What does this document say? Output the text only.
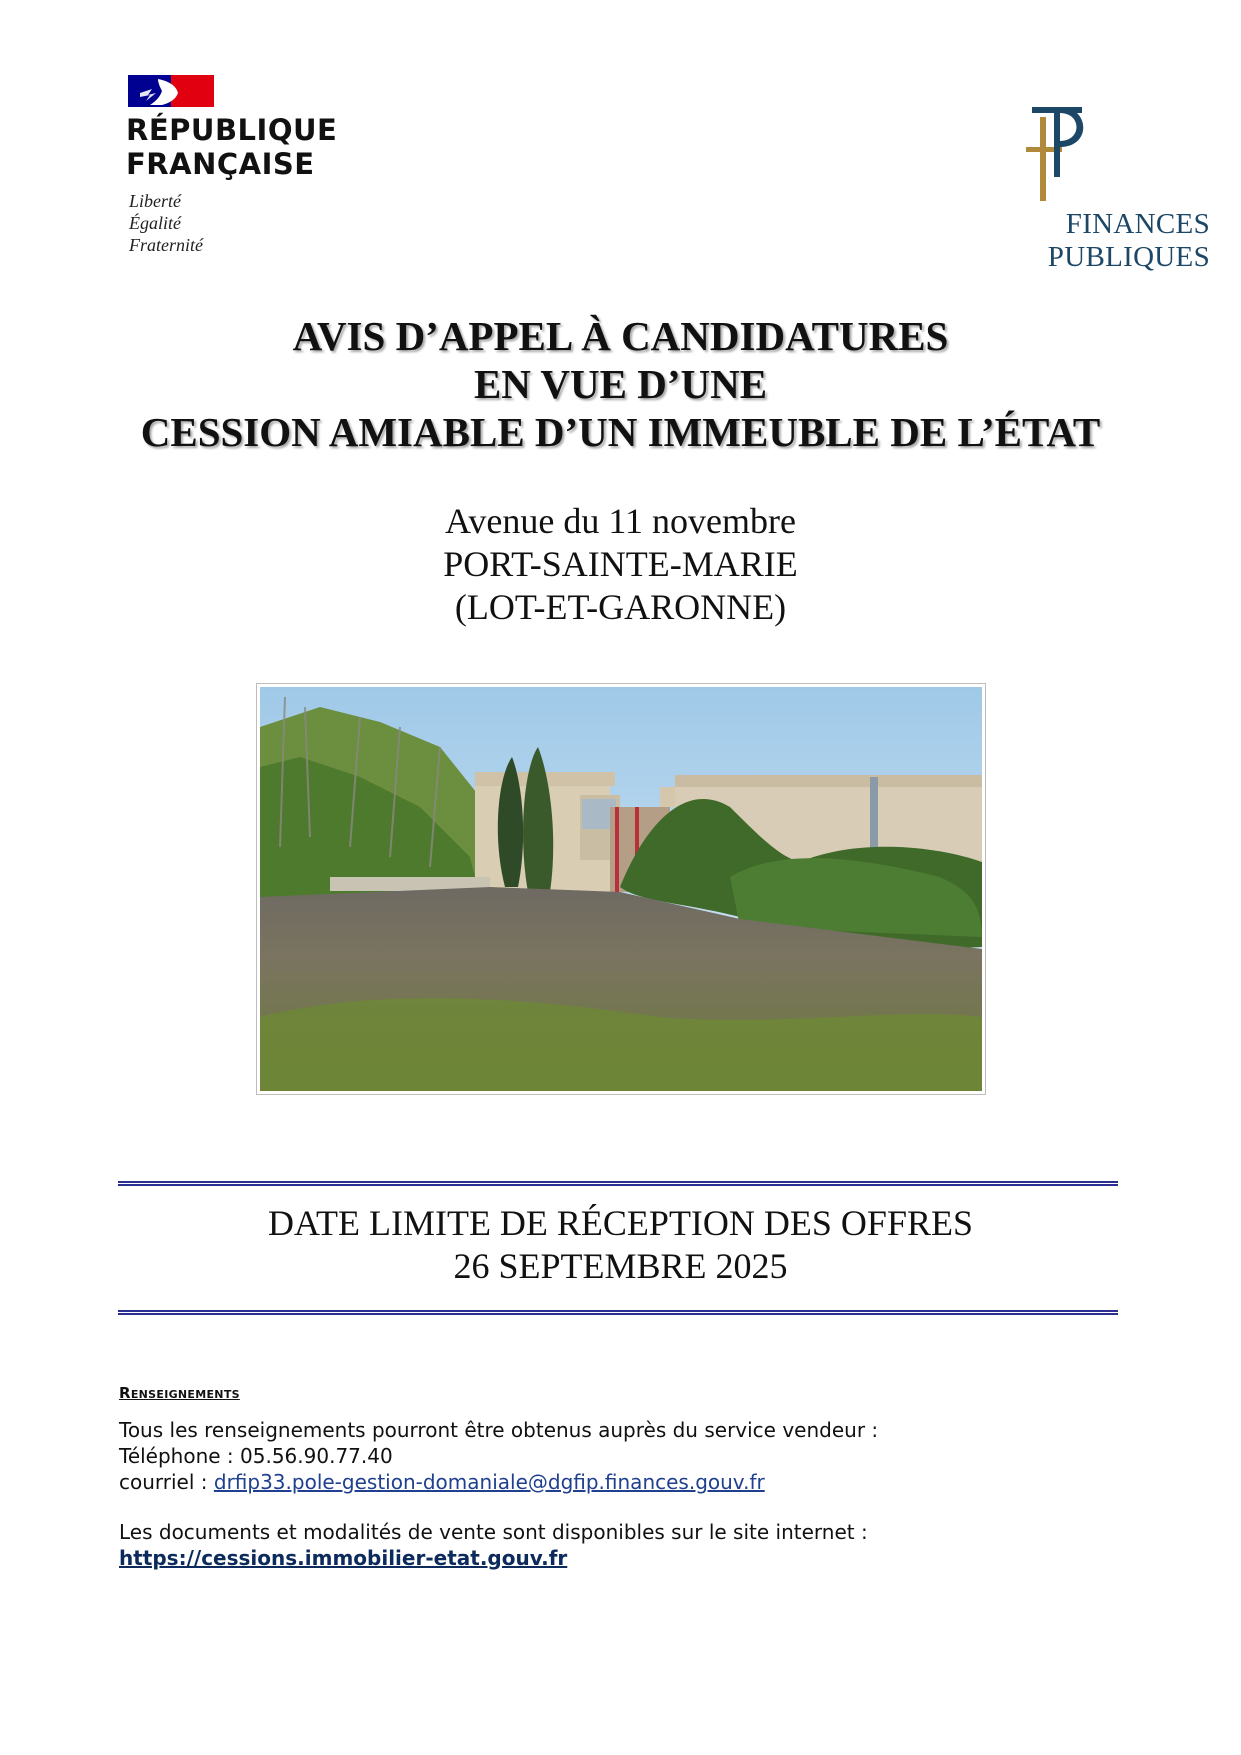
RÉPUBLIQUE
FRANÇAISE
Liberté
Égalité
Fraternité
FINANCES PUBLIQUES
AVIS D’APPEL À CANDIDATURES
EN VUE D’UNE
CESSION AMIABLE D’UN IMMEUBLE DE L’ÉTAT
Avenue du 11 novembre
PORT-SAINTE-MARIE
(LOT-ET-GARONNE)
DATE LIMITE DE RÉCEPTION DES OFFRES
26 SEPTEMBRE 2025
Renseignements
Tous les renseignements pourront être obtenus auprès du service vendeur :
Téléphone : 05.56.90.77.40
courriel : drfip33.pole-gestion-domaniale@dgfip.finances.gouv.fr
Les documents et modalités de vente sont disponibles sur le site internet :
https://cessions.immobilier-etat.gouv.fr
